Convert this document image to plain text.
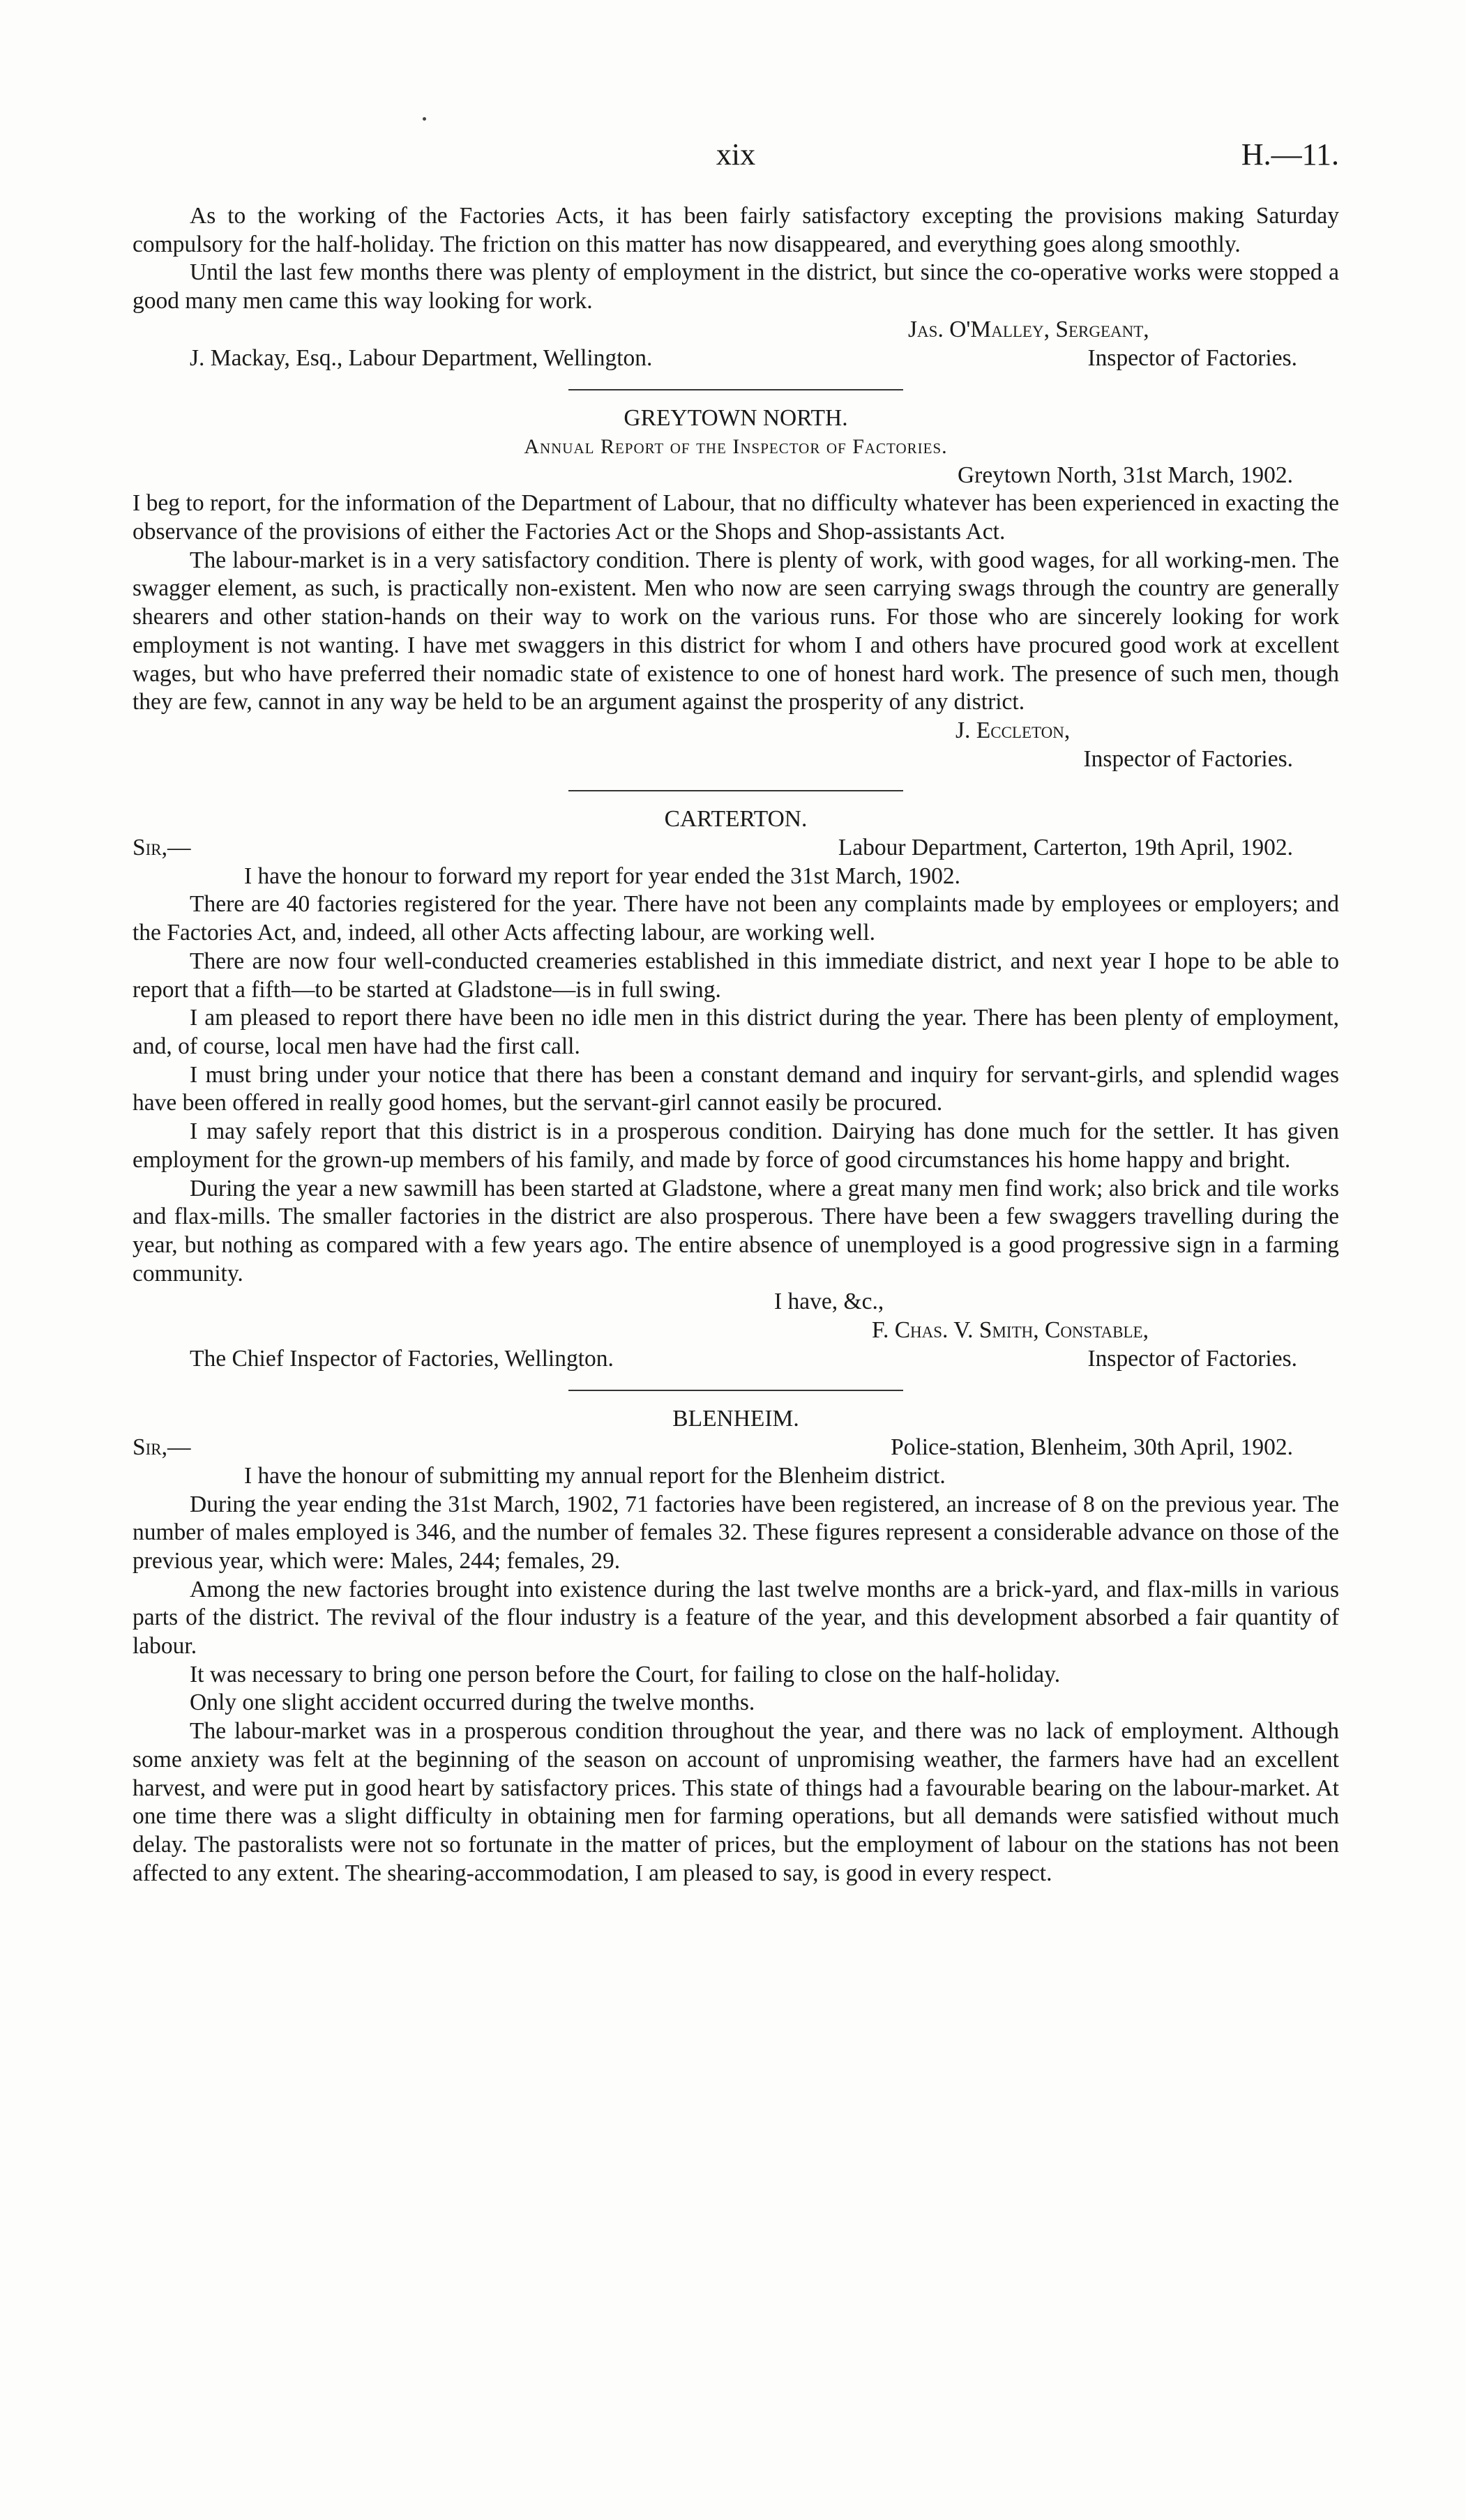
xix	H.—11.

As to the working of the Factories Acts, it has been fairly satisfactory excepting the provisions making Saturday compulsory for the half-holiday. The friction on this matter has now disappeared, and everything goes along smoothly.

Until the last few months there was plenty of employment in the district, but since the co-operative works were stopped a good many men came this way looking for work.

Jas. O'Malley, Sergeant,
J. Mackay, Esq., Labour Department, Wellington.	Inspector of Factories.
GREYTOWN NORTH.
Annual Report of the Inspector of Factories.
Greytown North, 31st March, 1902.

I beg to report, for the information of the Department of Labour, that no difficulty whatever has been experienced in exacting the observance of the provisions of either the Factories Act or the Shops and Shop-assistants Act.

The labour-market is in a very satisfactory condition. There is plenty of work, with good wages, for all working-men. The swagger element, as such, is practically non-existent. Men who now are seen carrying swags through the country are generally shearers and other station-hands on their way to work on the various runs. For those who are sincerely looking for work employment is not wanting. I have met swaggers in this district for whom I and others have procured good work at excellent wages, but who have preferred their nomadic state of existence to one of honest hard work. The presence of such men, though they are few, cannot in any way be held to be an argument against the prosperity of any district.

J. Eccleton,
Inspector of Factories.
CARTERTON.
Sir,—	Labour Department, Carterton, 19th April, 1902.

I have the honour to forward my report for year ended the 31st March, 1902.

There are 40 factories registered for the year. There have not been any complaints made by employees or employers; and the Factories Act, and, indeed, all other Acts affecting labour, are working well.

There are now four well-conducted creameries established in this immediate district, and next year I hope to be able to report that a fifth—to be started at Gladstone—is in full swing.

I am pleased to report there have been no idle men in this district during the year. There has been plenty of employment, and, of course, local men have had the first call.

I must bring under your notice that there has been a constant demand and inquiry for servant-girls, and splendid wages have been offered in really good homes, but the servant-girl cannot easily be procured.

I may safely report that this district is in a prosperous condition. Dairying has done much for the settler. It has given employment for the grown-up members of his family, and made by force of good circumstances his home happy and bright.

During the year a new sawmill has been started at Gladstone, where a great many men find work; also brick and tile works and flax-mills. The smaller factories in the district are also prosperous. There have been a few swaggers travelling during the year, but nothing as compared with a few years ago. The entire absence of unemployed is a good progressive sign in a farming community.

I have, &c.,
F. Chas. V. Smith, Constable,
The Chief Inspector of Factories, Wellington.	Inspector of Factories.
BLENHEIM.
Sir,—	Police-station, Blenheim, 30th April, 1902.

I have the honour of submitting my annual report for the Blenheim district.

During the year ending the 31st March, 1902, 71 factories have been registered, an increase of 8 on the previous year. The number of males employed is 346, and the number of females 32. These figures represent a considerable advance on those of the previous year, which were: Males, 244; females, 29.

Among the new factories brought into existence during the last twelve months are a brick-yard, and flax-mills in various parts of the district. The revival of the flour industry is a feature of the year, and this development absorbed a fair quantity of labour.

It was necessary to bring one person before the Court, for failing to close on the half-holiday.

Only one slight accident occurred during the twelve months.

The labour-market was in a prosperous condition throughout the year, and there was no lack of employment. Although some anxiety was felt at the beginning of the season on account of unpromising weather, the farmers have had an excellent harvest, and were put in good heart by satisfactory prices. This state of things had a favourable bearing on the labour-market. At one time there was a slight difficulty in obtaining men for farming operations, but all demands were satisfied without much delay. The pastoralists were not so fortunate in the matter of prices, but the employment of labour on the stations has not been affected to any extent. The shearing-accommodation, I am pleased to say, is good in every respect.
